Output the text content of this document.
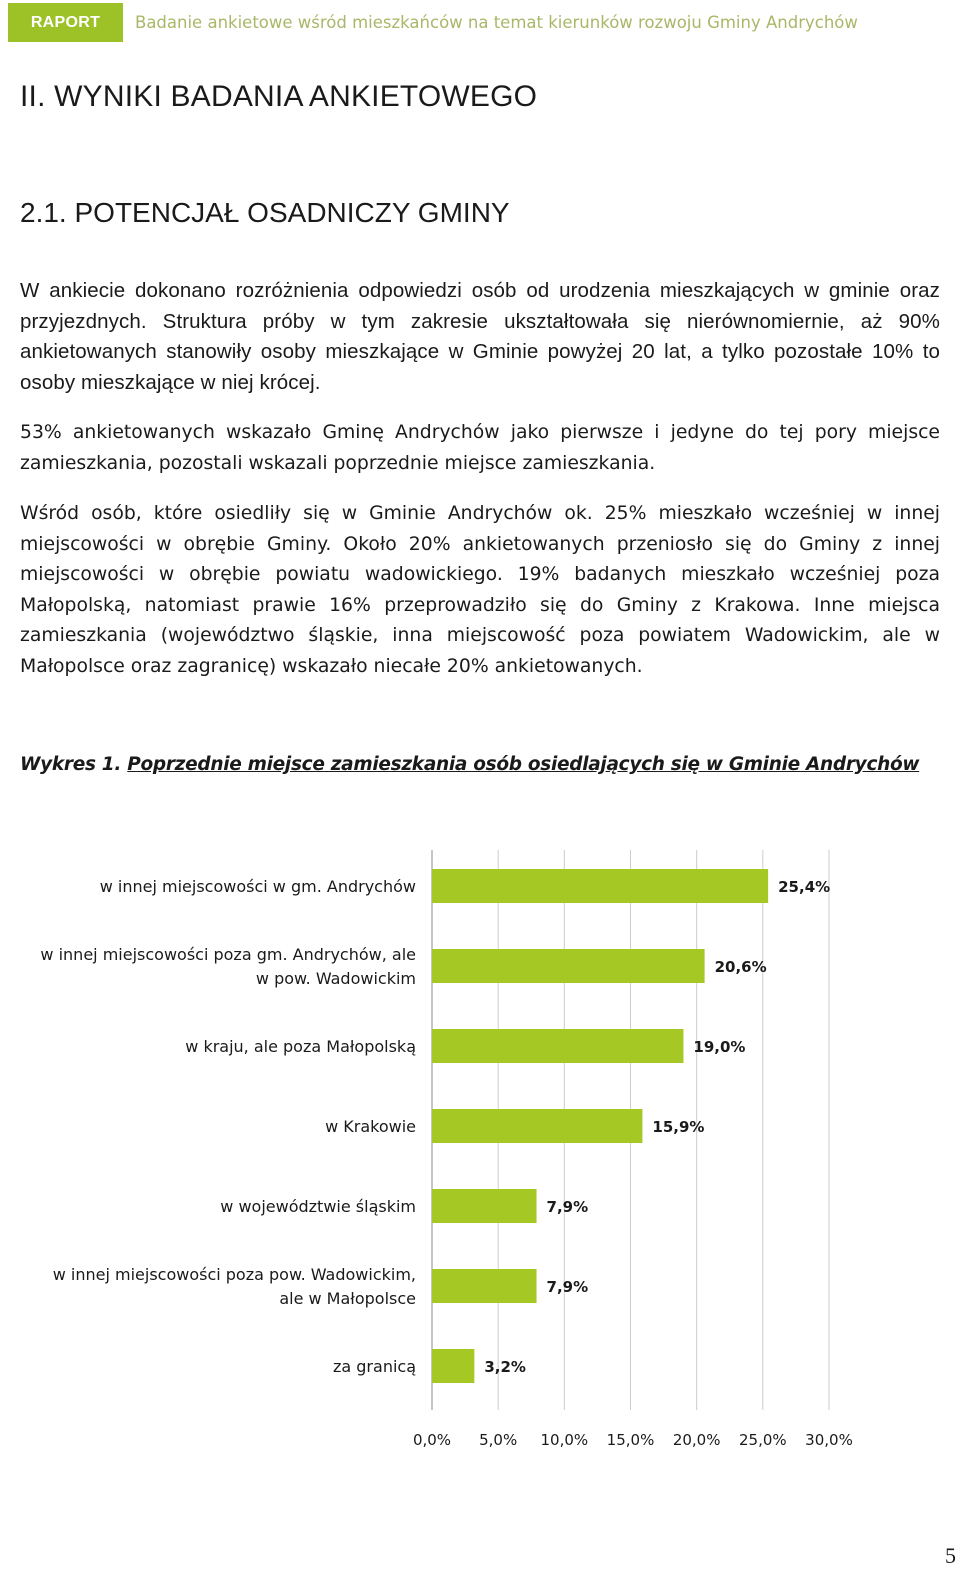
RAPORT	Badanie ankietowe wśród mieszkańców na temat kierunków rozwoju Gminy Andrychów
II. WYNIKI BADANIA ANKIETOWEGO
2.1. POTENCJAŁ OSADNICZY GMINY
W ankiecie dokonano rozróżnienia odpowiedzi osób od urodzenia mieszkających w gminie oraz przyjezdnych. Struktura próby w tym zakresie ukształtowała się nierównomiernie, aż 90% ankietowanych stanowiły osoby mieszkające w Gminie powyżej 20 lat, a tylko pozostałe 10% to osoby mieszkające w niej krócej.
53% ankietowanych wskazało Gminę Andrychów jako pierwsze i jedyne do tej pory miejsce zamieszkania, pozostali wskazali poprzednie miejsce zamieszkania.
Wśród osób, które osiedliły się w Gminie Andrychów ok. 25% mieszkało wcześniej w innej miejscowości w obrębie Gminy. Około 20% ankietowanych przeniosło się do Gminy z innej miejscowości w obrębie powiatu wadowickiego. 19% badanych mieszkało wcześniej poza Małopolską, natomiast prawie 16% przeprowadziło się do Gminy z Krakowa. Inne miejsca zamieszkania (województwo śląskie, inna miejscowość poza powiatem Wadowickim, ale w Małopolsce oraz zagranicę) wskazało niecałe 20% ankietowanych.
Wykres 1. Poprzednie miejsce zamieszkania osób osiedlających się w Gminie Andrychów
w innej miejscowości w gm. Andrychów
w innej miejscowości poza gm. Andrychów, ale w pow. Wadowickim
w kraju, ale poza Małopolską
w Krakowie
w województwie śląskim
w innej miejscowości poza pow. Wadowickim, ale w Małopolsce
za granicą
25,4%
20,6%
19,0%
15,9%
7,9%
7,9%
3,2%
0,0% 5,0% 10,0% 15,0% 20,0% 25,0% 30,0%
5
